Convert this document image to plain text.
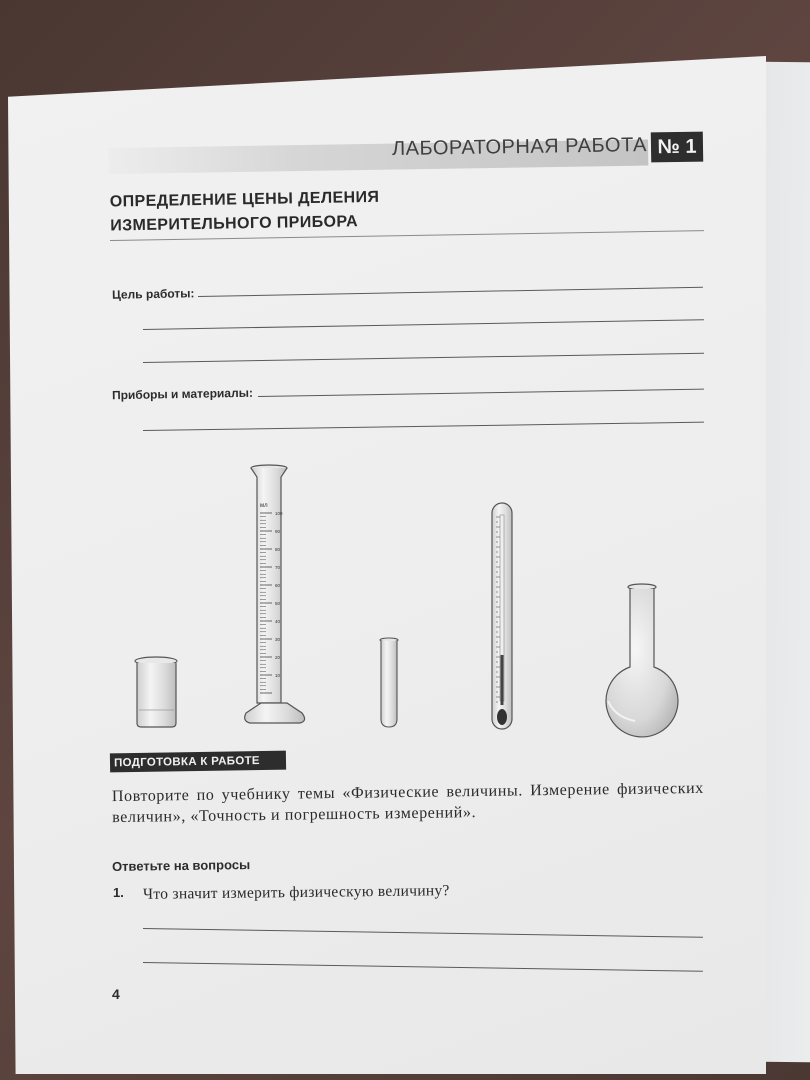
ЛАБОРАТОРНАЯ РАБОТА № 1
ОПРЕДЕЛЕНИЕ ЦЕНЫ ДЕЛЕНИЯ
ИЗМЕРИТЕЛЬНОГО ПРИБОРА
Цель работы:
Приборы и материалы:
100
90
80
70
60
50
40
30
20
10
мл
ПОДГОТОВКА К РАБОТЕ
Повторите по учебнику темы «Физические величины. Измерение физических величин», «Точность и погрешность измерений».
Ответьте на вопросы
1. Что значит измерить физическую величину?
4
